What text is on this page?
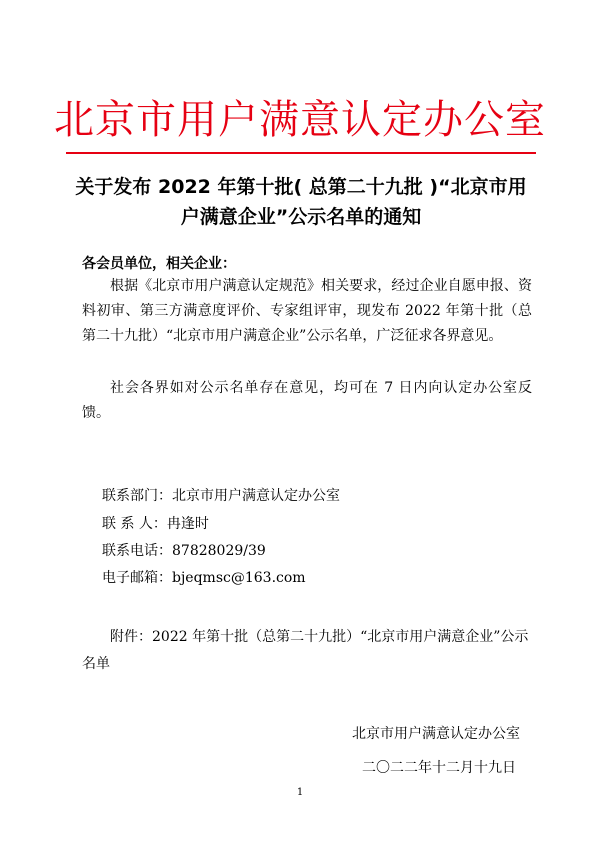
北京市用户满意认定办公室
关于发布 2022 年第十批( 总第二十九批 )“北京市用户满意企业”公示名单的通知
各会员单位，相关企业：
根据《北京市用户满意认定规范》相关要求，经过企业自愿申报、资料初审、第三方满意度评价、专家组评审，现发布 2022 年第十批（总第二十九批）“北京市用户满意企业”公示名单，广泛征求各界意见。
社会各界如对公示名单存在意见，均可在 7 日内向认定办公室反馈。
联系部门：北京市用户满意认定办公室
联 系 人：冉逢时
联系电话：87828029/39
电子邮箱：bjeqmsc@163.com
附件：2022 年第十批（总第二十九批）“北京市用户满意企业”公示名单
北京市用户满意认定办公室
二〇二二年十二月十九日
1
